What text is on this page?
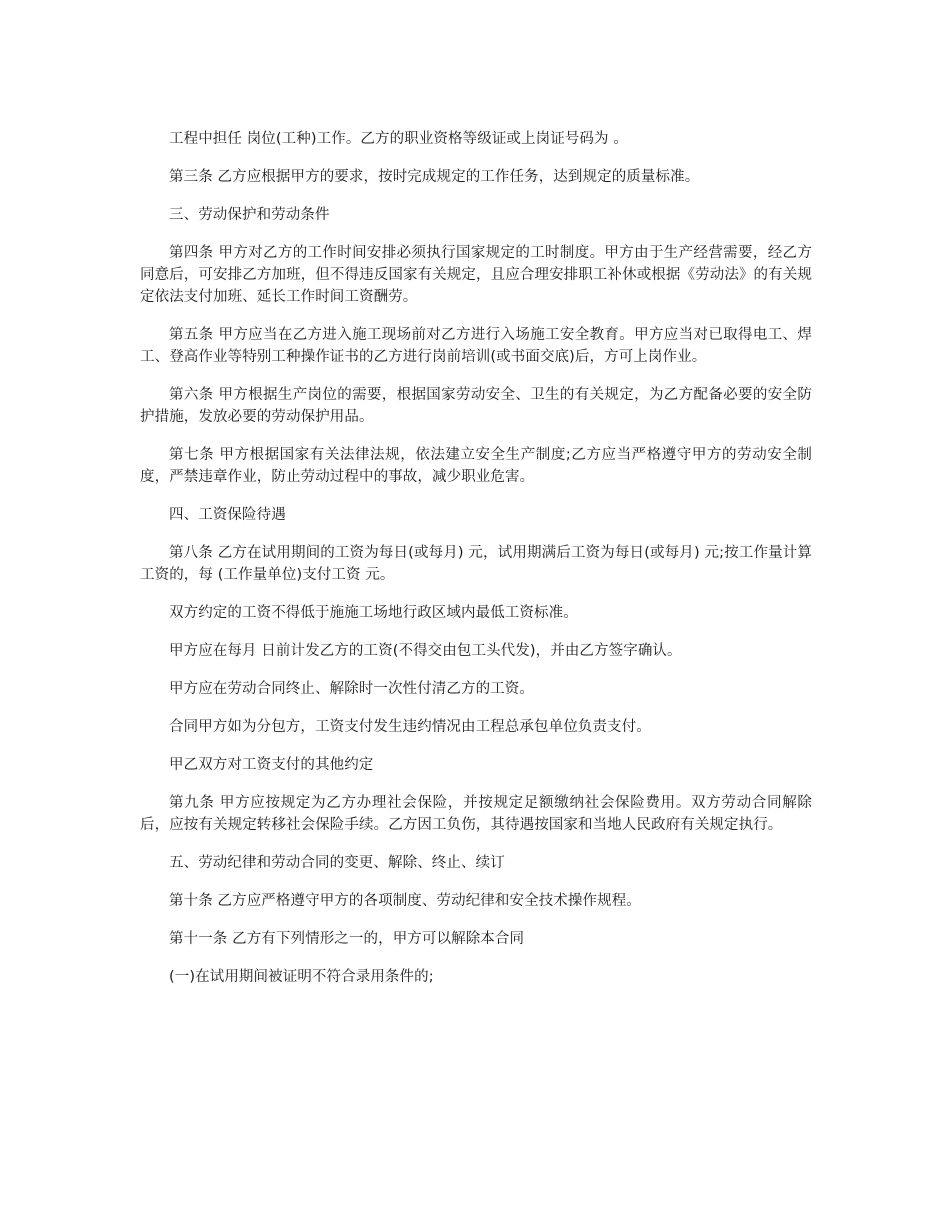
工程中担任 岗位(工种)工作。乙方的职业资格等级证或上岗证号码为 。

第三条 乙方应根据甲方的要求，按时完成规定的工作任务，达到规定的质量标准。

三、劳动保护和劳动条件

第四条 甲方对乙方的工作时间安排必须执行国家规定的工时制度。甲方由于生产经营需要，经乙方同意后，可安排乙方加班，但不得违反国家有关规定，且应合理安排职工补休或根据《劳动法》的有关规定依法支付加班、延长工作时间工资酬劳。

第五条 甲方应当在乙方进入施工现场前对乙方进行入场施工安全教育。甲方应当对已取得电工、焊工、登高作业等特别工种操作证书的乙方进行岗前培训(或书面交底)后，方可上岗作业。

第六条 甲方根据生产岗位的需要，根据国家劳动安全、卫生的有关规定，为乙方配备必要的安全防护措施，发放必要的劳动保护用品。

第七条 甲方根据国家有关法律法规，依法建立安全生产制度;乙方应当严格遵守甲方的劳动安全制度，严禁违章作业，防止劳动过程中的事故，减少职业危害。

四、工资保险待遇

第八条 乙方在试用期间的工资为每日(或每月) 元，试用期满后工资为每日(或每月) 元;按工作量计算工资的，每 (工作量单位)支付工资 元。

双方约定的工资不得低于施施工场地行政区域内最低工资标准。

甲方应在每月 日前计发乙方的工资(不得交由包工头代发)，并由乙方签字确认。

甲方应在劳动合同终止、解除时一次性付清乙方的工资。

合同甲方如为分包方，工资支付发生违约情况由工程总承包单位负责支付。

甲乙双方对工资支付的其他约定

第九条 甲方应按规定为乙方办理社会保险，并按规定足额缴纳社会保险费用。双方劳动合同解除后，应按有关规定转移社会保险手续。乙方因工负伤，其待遇按国家和当地人民政府有关规定执行。

五、劳动纪律和劳动合同的变更、解除、终止、续订

第十条 乙方应严格遵守甲方的各项制度、劳动纪律和安全技术操作规程。

第十一条 乙方有下列情形之一的，甲方可以解除本合同

(一)在试用期间被证明不符合录用条件的;
